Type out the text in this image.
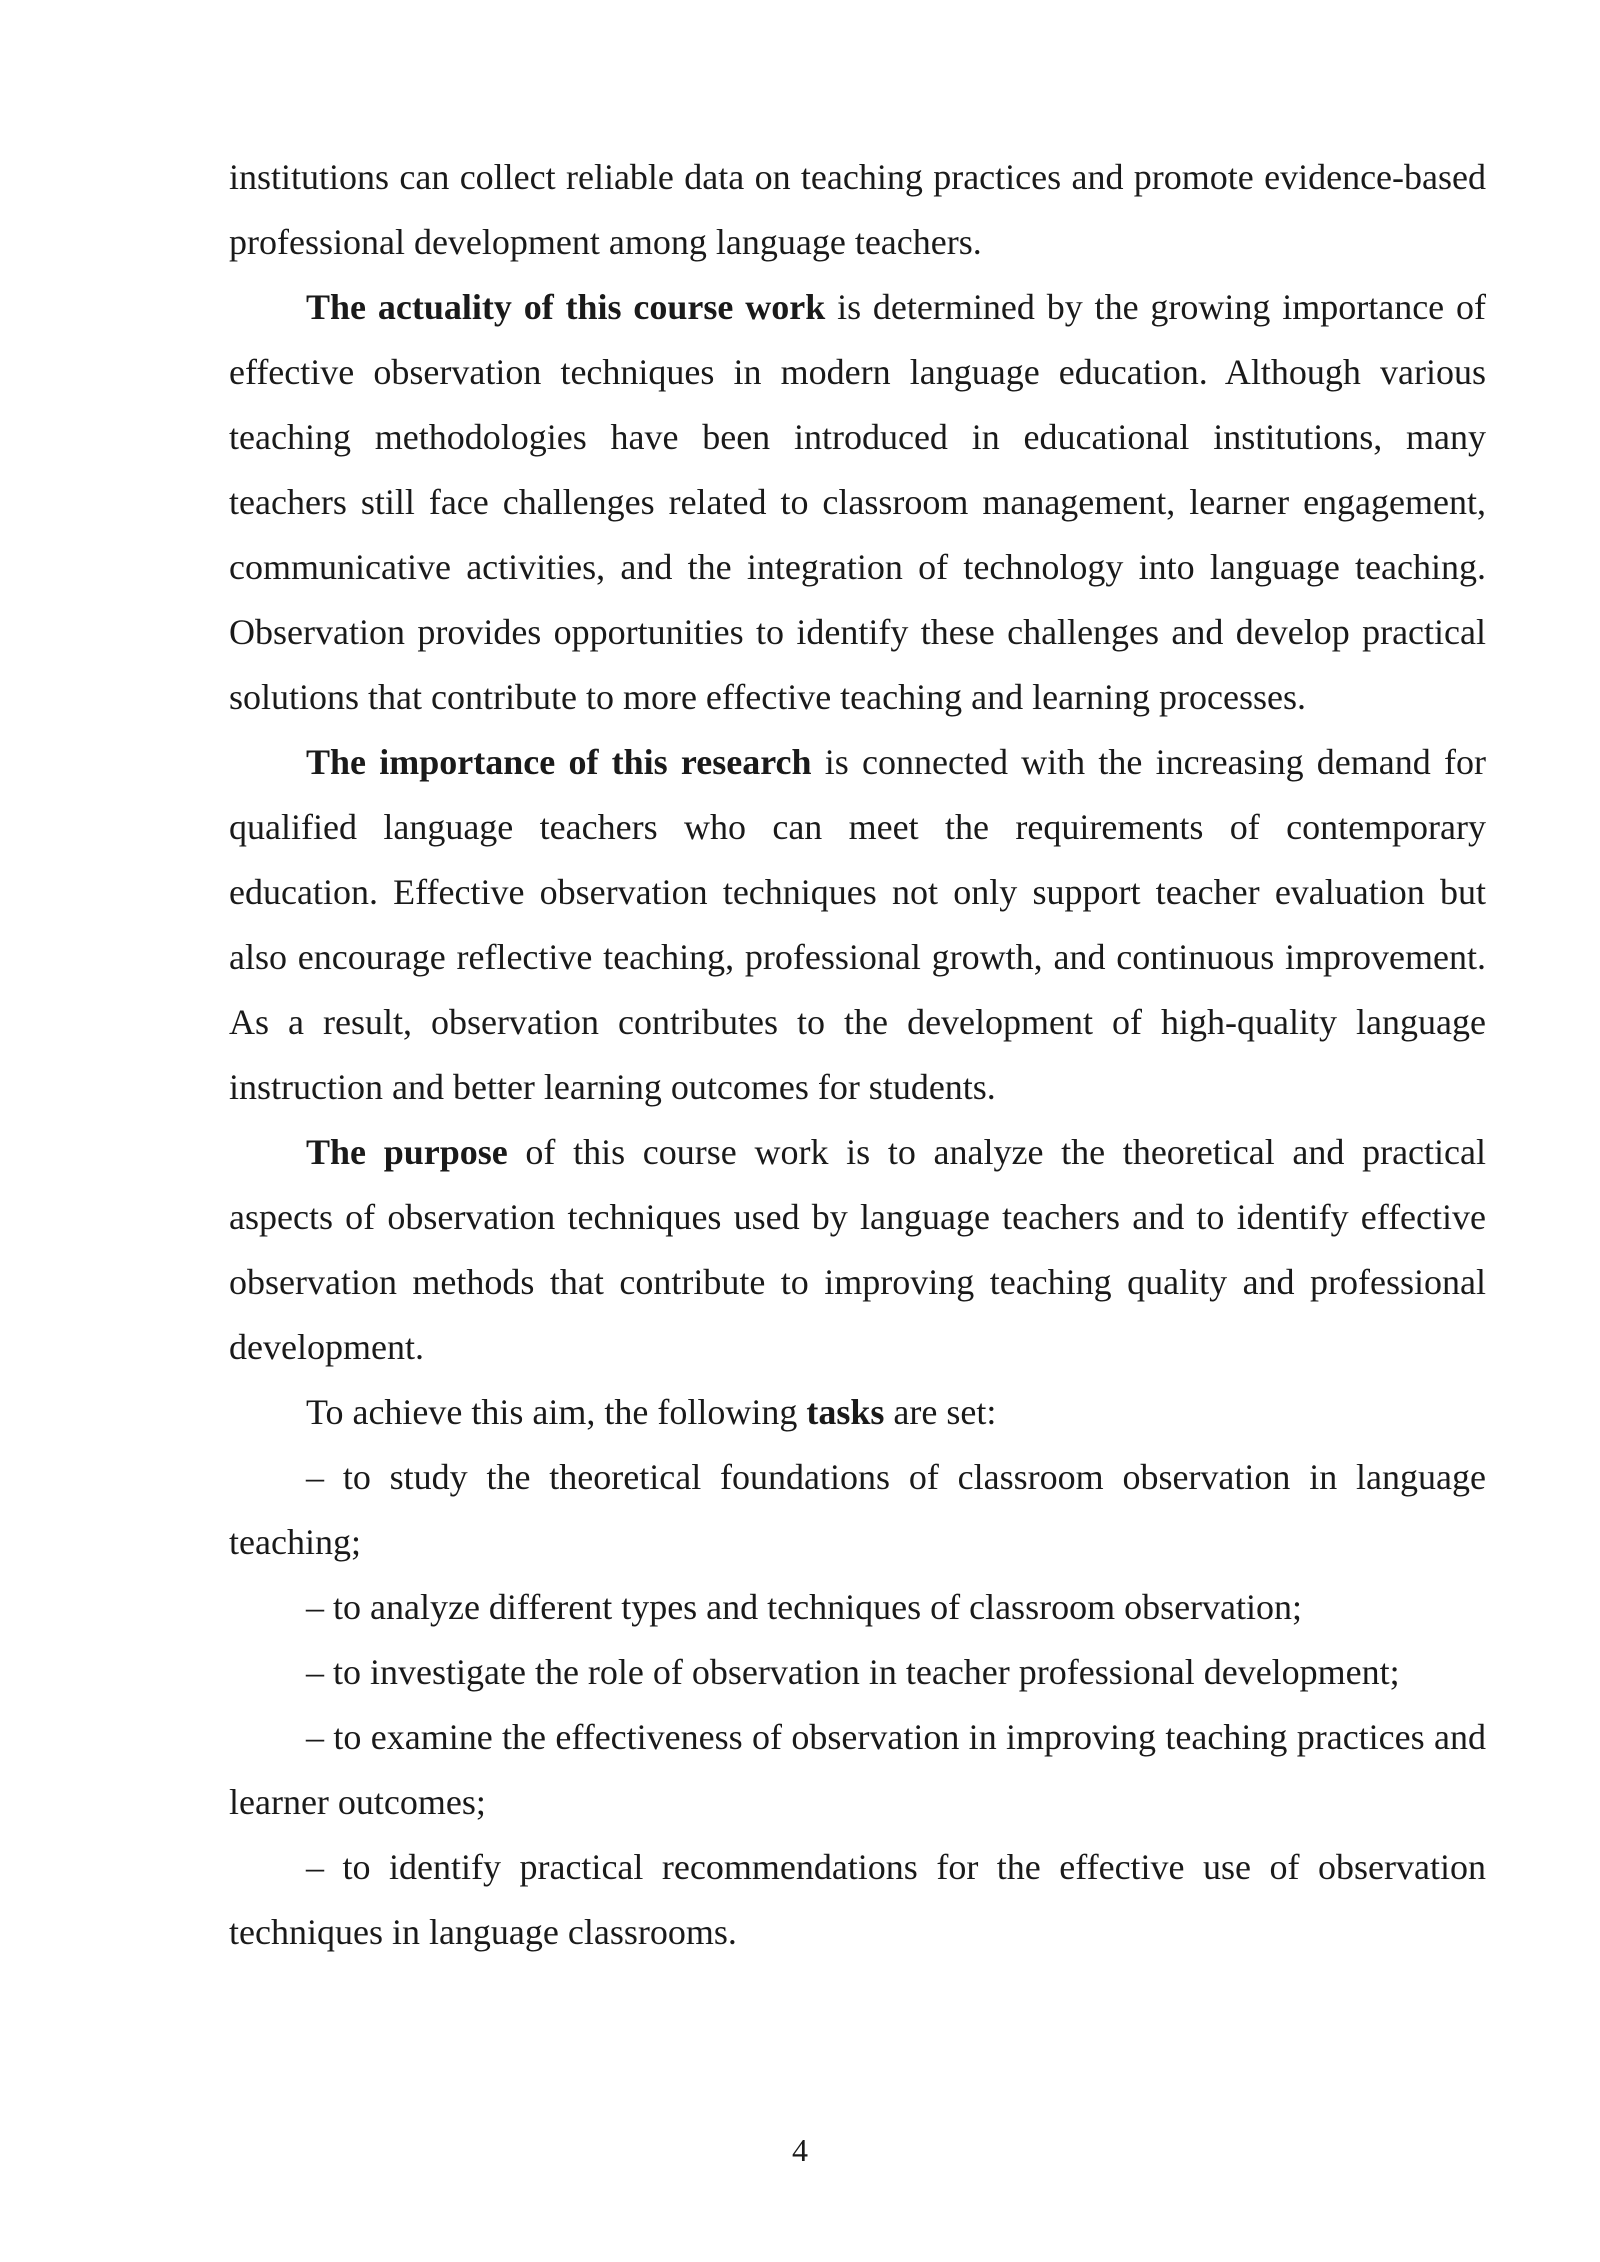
institutions can collect reliable data on teaching practices and promote evidence-based professional development among language teachers.

The actuality of this course work is determined by the growing importance of effective observation techniques in modern language education. Although various teaching methodologies have been introduced in educational institutions, many teachers still face challenges related to classroom management, learner engagement, communicative activities, and the integration of technology into language teaching. Observation provides opportunities to identify these challenges and develop practical solutions that contribute to more effective teaching and learning processes.

The importance of this research is connected with the increasing demand for qualified language teachers who can meet the requirements of contemporary education. Effective observation techniques not only support teacher evaluation but also encourage reflective teaching, professional growth, and continuous improvement. As a result, observation contributes to the development of high-quality language instruction and better learning outcomes for students.

The purpose of this course work is to analyze the theoretical and practical aspects of observation techniques used by language teachers and to identify effective observation methods that contribute to improving teaching quality and professional development.

To achieve this aim, the following tasks are set:

– to study the theoretical foundations of classroom observation in language teaching;

– to analyze different types and techniques of classroom observation;

– to investigate the role of observation in teacher professional development;

– to examine the effectiveness of observation in improving teaching practices and learner outcomes;

– to identify practical recommendations for the effective use of observation techniques in language classrooms.

4
